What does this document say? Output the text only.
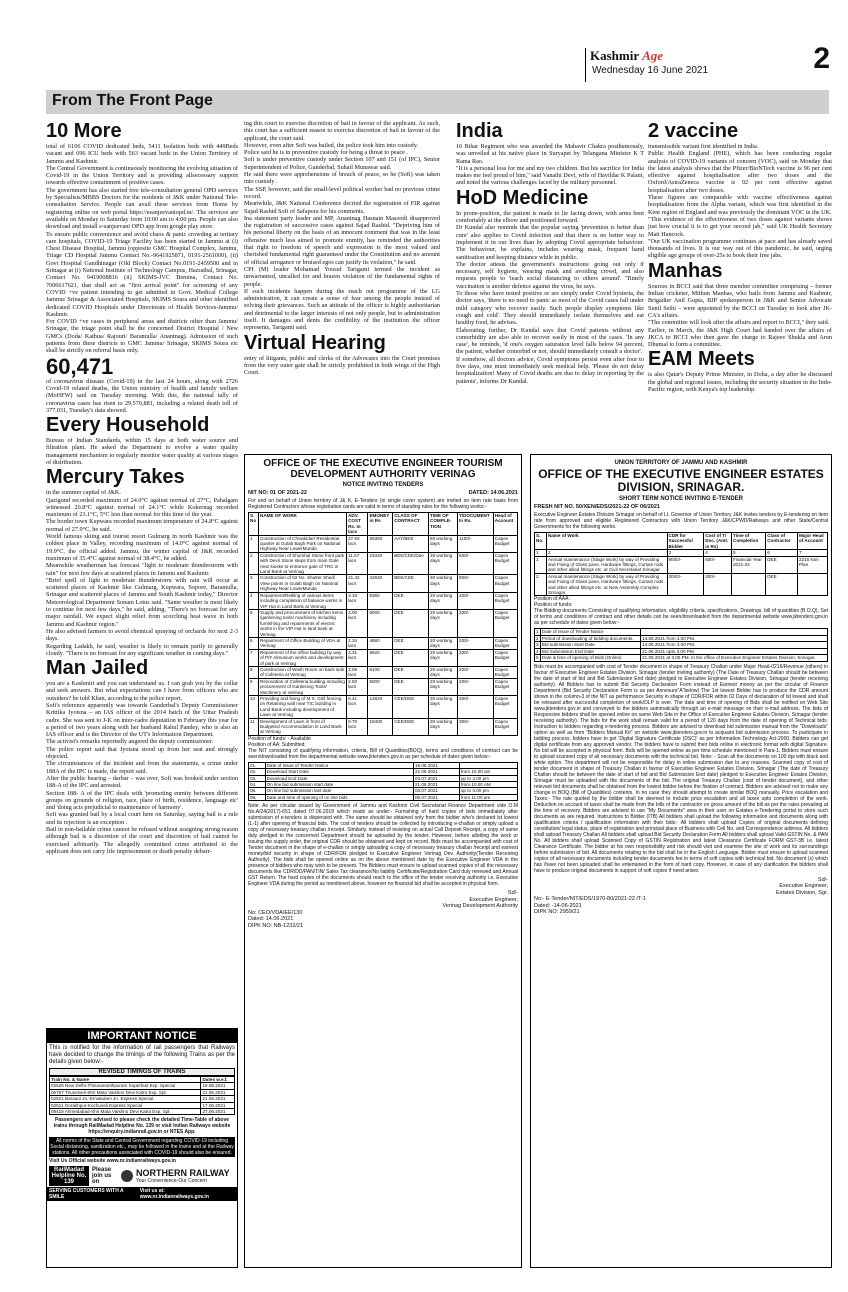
Kashmir Age
Wednesday 16 June 2021	2
From The Front Page
10 More

total of 6106 COVID dedicated beds, 5411 Isolation beds with 449Beds vacant and 696 ICU beds with 563 vacant beds in the Union Territory of Jammu and Kashmir.

The Central Government is continuously monitoring the evolving situation of Covid-19 in the Union Territory and is providing allsecessary support towards effective containment of positive cases.

The government has also started free tele-consultation general OPD services by Specialists/MBBS Doctors for the residents of J&K under National Tele-consultation Service. People can avail these services from Home by registering online on web portal https://esanjeevaniopd.in/. The services are available on Monday to Saturday from 10:00 am to 4:00 pm. People can also download and install e-sanjeevani OPD app from google play store.

To ensure public convenience and avoid chaos & panic crowding at tertiary care hospitals, COVID-19 Triage Facility has been started in Jammu at (i) Chest Disease Hospital, Jammu (opposite GMC Hospital Complex, Jammu, Triage CD Hospital Jammu Contact No.-9641925871, 0191-2561000), (ii) Govt Hospital Gandhinagar (Old Block) Contact No.0191-2459500 and in Srinagar at (i) National Institute of Technology Campus, Hazratbal, Srinagar, Contact No. 9419008816 (ii) SKIMS-JVC Bemina, Contact No. 7006617621, that shall act as "first arrival point" for screening of any COVID +ve patient intending to get admitted in Govt. Medical College Jammu/ Srinagar & Associated Hospitals, SKIMS Soura and other identified dedicated COVID Hospitals under Directorate of Health Services-Jammu/ Kashmir.

For COVID +ve cases in peripheral areas and districts other than Jammu/ Srinagar, the triage point shall be the concerned District Hospital / New GMCs (Doda/ Kathua/ Rajouri/ Baramulla/ Anantnag). Admission of such patients from these districts to GMC Jammu/ Srinagar, SKIMS Soura etc shall be strictly on referral basis only.

60,471

of coronavirus disease (Covid-19) in the last 24 hours, along with 2726 Covid-19 related deaths, the Union ministry of health and family welfare (MoHFW) said on Tuesday morning. With this, the national tally of coronavirus cases has risen to 29,570,881, including a related death toll of 377,031, Tuesday's data showed.

Every Household

Bureau of Indian Standards, within 15 days at both water source and filtration plant. He asked the Department to evolve a water quality management mechanism to regularly monitor water quality at various stages of distribution.

Mercury Takes

in the summer capital of J&K.

Qazigund recorded maximum of 24.0°C against normal of 27°C, Pahalgam witnessed 20.8°C against normal of 24.1°C while Kokernag recorded maximum of 23.1°C, 5°C less than normal for this time of the year.

The border town Kupwara recorded maximum temperature of 24.8°C against normal of 27.9°C, he said.

World famous skiing and tourist resort Gulmarg in north Kashmir was the coldest place in Valley, recording maximum of 14.0°C against normal of 19.9°C, the official added. Jammu, the winter capital of J&K recorded maximum of 35.4°C against normal of 38.4°C, he added.

Meanwhile weatherman has forecast "light to moderate thunderstorm with rain" for next few days at scattered places in Jammu and Kashmir.

"Brief spell of light to moderate thunderstorm with rain will occur at scattered places of Kashmir like Gulmarg, Kupwara, Sopore, Baramulla, Srinagar and scattered places of Jammu and South Kashmir today," Director Meteorological Department Sonam Lotus said. "Same weather is most likely to continue for next few days," he said, adding, "There's no forecast for any major rainfall. We expect slight relief from scorching heat wave in both Jammu and Kashmir region."

He also advised farmers to avoid chemical spraying of orchards for next 2-3 days.

Regarding Ladakh, he said, weather is likely to remain partly to generally cloudy. "There is no forecast for any significant weather in coming days."

Man Jailed

you are a Kashmiri and you can understand us. I can grab you by the collar and seek answers. But what expectations can I have from officers who are outsiders? he told Khan, according to the police report.

Sofi's reference apparently was towards Ganderbal's Deputy Commissioner Krittika Jyotsna – an IAS officer of the 2014 batch of the Uttar Pradesh cadre. She was sent to J-K on inter-cadre deputation in February this year for a period of two years along with her husband Rahul Pandey, who is also an IAS officer and is the Director of the UT's Information Department.

The activist's remarks reportedly angered the deputy commissioner.

The police report said that Jyotsna stood up from her seat and strongly objected.

The circumstances of the incident and from the statements, a crime under 188A of the IPC is made, the report said.

After the public hearing – darbar – was over, Sofi was booked under section 188-A of the IPC and arrested.

Section 188- A of the IPC deals with 'promoting enmity between different groups on grounds of religion, race, place of birth, residence, language etc' and 'doing acts prejudicial to maintenance of harmony'.

Sofi was granted bail by a local court here on Saturday, saying bail is a rule and its rejection is an exception .

Bail in non-bailable crime cannot be refused without assigning strong reason although bail is a discretion of the court and discretion of bail cannot be exercised arbitrarily. The allegedly committed crime attributed to the applicant does not carry life imprisonment or death penalty debarr-

ing this court to exercise discretion of bail in favour of the applicant. As such, this court has a sufficient reason to exercise discretion of bail in favour of the applicant, the court said.

However, even after Sofi was bailed, the police took him into custody.

Police said he is in preventive custody for being a threat to peace .

Sofi is under preventive custody under Section 107 and 151 (of IPC), Senior Superintendent of Police, Ganderbal, Suhail Munawar said.

He said there were apprehensions of breach of peace, so he (Sofi) was taken into custody .

The SSP, however, said the small-level political worker had no previous crime record.

Meanwhile, J&K National Conference decried the registration of FIR against Sajad Rashid Sofi of Safapora for his comments.

Ina statement party leader and MP, Anantnag Hasnain Masoodi disapproved the registration of successive cases against Sajad Rashid. "Depriving him of his personal liberty on the basis of an innocent comment that was in the least offensive much less aimed to promote enmity, has reminded the authorities that right to freedom of speech and expression is the most valued and cherished fundamental right guaranteed under the Constitution and no amount of official arrogance or bruised egos can justify its violation," he said.

CPI (M) leader Mohamad Yousuf Tarigami termed the incident as unwarranted, uncalled for and brazen violation of the fundamental rights of people.

If such incidents happen during the reach out programme of the LG administration, it can create a sense of fear among the people instead of solving their grievances. Such an attitude of the officer is highly authoritarian and detrimental to the larger interests of not only people, but to administration itself. It damages and dents the credibility of the institution the officer represents, Tarigami said.

Virtual Hearing

entry of litigants, public and clerks of the Advocates into the Court premises from the very outer gate shall be strictly prohibited in both wings of the High Court.

India

16 Bihar Regiment who was awarded the Mahavir Chakra posthumously, was unveiled at his native place in Suryapet by Telangana Minister K T Rama Rao.

"It is a personal loss for me and my two children. But his sacrifice for India makes me feel proud of him," said Vanathi Devi, wife of Havildar K Palani, and noted the various challenges faced by the military personnel.

HoD Medicine

In prone-position, the patient is made to lie facing down, with arms bent comfortably at the elbow and positioned forward.

Dr Kundal also reminds that the popular saying 'prevention is better than cure' also applies to Covid infection and that there is no better way to implement it in our lives than by adopting Covid appropriate behaviour. The behaviour, he explains, includes wearing mask, frequent hand sanitisation and keeping distance while in public.

The doctor attests the government's instructions: going out only if necessary, self hygiene, wearing mask and avoiding crowd, and also requests people to 'teach social distancing to others around'. 'Timely vaccination is another defence against the virus, he says.

To those who have tested positive or are simply under Covid hysteria, the doctor says, 'there is no need to panic as most of the Covid cases fall under mild category who recover easily. Such people display symptoms like cough and cold'. They should immediately isolate themselves and eat healthy food, he advises.

Elaborating further, Dr Kundal says that Covid patients without any comorbidity are also able to recover easily in most of the cases. 'In any case', he reminds, 'if one's oxygen saturation level falls below 94 percent, the patient, whether comorbid or not, should immediately consult a doctor'.

If somehow, all doctors advice, Covid symptoms persist even after four to five days, one must immediately seek medical help. 'Please do not delay hospitalization! Many of Covid deaths are due to delay in reporting by the patients', informs Dr Kundal.

2 vaccine

transmissible variant first identified in India.

Public Health England (PHE), which has been conducting regular analysis of COVID-19 variants of concern (VOC), said on Monday that the latest analysis shows that the Pfizer/BioNTech vaccine is 96 per cent effective against hospitalisation after two doses and the Oxford/AstraZeneca vaccine is 92 per cent effective against hospitalisation after two doses.

These figures are comparable with vaccine effectiveness against hospitalisation from the Alpha variant, which was first identified in the Kent region of England and was previously the dominant VOC in the UK.

"This evidence of the effectiveness of two doses against variants shows just how crucial it is to get your second jab," said UK Health Secretary Matt Hancock.

"Our UK vaccination programme continues at pace and has already saved thousands of lives. It is our way out of this pandemic, he said, urging eligible age groups of over-25s to book their free jabs.

Manhas

Sources in BCCI said that three member committee comprising – former Indian cricketer, Mithun Manhas, who hails from Jammu and Kashmir, Brigadier Anil Gupta, BJP spokesperson in J&K and Senior Advocate Sunil Sethi – were appointed by the BCCI on Tuesday to look after JK-CA's affairs.

"The committee will look after the affairs and report to BCCI," they said.

Earlier, in March, the J&K High Court had handed over the affairs of JKCA to BCCI who then gave the charge to Rajeev Shukla and Arun Dhumal to form a committee.

EAM Meets

is also Qatar's Deputy Prime Minister, in Doha, a day after he discussed the global and regional issues, including the security situation in the Indo-Pacific region, with Kenya's top leadership.

OFFICE OF THE EXECUTIVE ENGINEER TOURISM DEVELOPMENT AUTHORITY VERINAG
NOTICE INVITING TENDERS
NIT NO: 01 OF 2021-22	DATED: 14.06.2021
For and on behalf of Union territory of J& K, E-Tenders (in single cover system) are invited on item rate basis from Registered Contractors whose registration cards are valid in terms of standing rules for the following works:-
S. No	NAME OF WORK	ADV. COST Rs. In lacs	EMONEY in Rs	CLASS OF CONTRACT	TIME OF COMPLE-TION	T/DOCUMENT In Rs.	Head of Account
1	Construction of Chowkidar/ Residential quarter at Gulab Bagh Park on National Highway Near LowerMunda	27.63 lacs	55360	AAY/BEE	60 working days	1100/-	Capex Budget
2	Construction of Shumhal Stone front park with Devri Stone steps from main Gate near kiosks to entrance gate of TRC in Land Bank at Verinag	11.67 lacs	23340	BEE/CEE/Dee	30 working days	600/-	Capex Budget
3	Construction of 02 No. Shutter Shed/ View points in Gulab Bagh on National Highway Near LowerMunda	21.42 lacs	42840	BEE/CEE	30 working days	800/-	Capex Budget
4	Repairment/Retiling of various items including completion of balance works in VIP Hut in Land Bank at Verinag	3.18 lacs	6360	DEE	20 working days	200/-	Capex Budget
5	Supply and procurement of kitchen items /gardening tools/ machinery including furnishing and repairments of electric works in the VIP Hut in land bank at Verinag	3.00 lacs	6000	DEE	20 working days	200/-	Capex Budget
6	Repairment of Office Building of VDA at Verinag	2.34 lacs	4680	DEE	20 working days	200/-	Capex Budget
7	Repairment of the office building by way of P/F Almunium works and development of park at Verinag	3.31 lacs	6620	DEE	20 working days	200/-	Capex Budget
8	Construction of Wash Room on back side of Cafeteria at Verinag	3.05 lacs	6100	DEE	30 working days	200/-	Capex Budget
9	Renovation of Cafeteria building including procurement of Gardening Tools/ Machinery at Verinag	2.50 lacs	5000	DEE	20 working days	200/-	Capex Budget
10	Providing and fixing of M.S. Grill fencing on Retaining wall near TIC building in Land Bank including development of Lawn at Verinag	6.41 lacs	12820	CEE/DEE	30 working days	300/-	Capex Budget
11	Development of Lawn in front of Budgeted Accommodation in Land Bank at Verinag	9.70 lacs	19400	CEE/DEE	30 working days	300/-	Capex Budget
Position of funds: - Available
Position of AA: Submitted.
The NIT consisting of qualifying information, criteria, Bill of Quantities(BOQ), terms and conditions of contract can be seen/downloaded from the departmental website www.jktenders.gov.in as per schedule of dates given below:-
01.	Date of Issue of Tender Notice	19.06.2021	
02.	Download Start Date	22.06.2021	from 10.00 am
03.	Download End Date	03.07.2021	up to 4.00 pm
04.	On line bid submission start date	21.06.2021	from 10.00 AM
05.	On line bid submission last date	03.07.2021	up to 4.00 pm
06.	Date and time of opening of on line bids	05.07.2021	from 11.00 am
Note: As per circular issued by Government of Jammu and Kashmir Civil Secretariat Finance Department vide O.M No.A/24(2017)-651 dated 07.06.2018 which reads as under:- Furnishing of hard copies of bids immediately after submission of e-tenders is dispensed with. The same should be obtained only from the bidder who's declared lst lowest (L-1) after opening of financial bids. The cost of tenders should be collected by introducing e-challan or simply upload a copy of necessary treasury challan /receipt. Similarly, instead of insisting on actual Call Deposit Receipt, a copy of same duly pledged to the concerned Department should be uploaded by the tender. However, before allotting the work or issuing the supply order, the original CDR should be obtained and kept on record. Bids must be accompanied with cost of Tender document in the shape of e-challan or simply uploading a copy of necessary treasury challan /receipt and earnest money/bid security in shape of CDR/FDR pledged to Executive Engineer Verinag Dev. Authority(Tender Receiving Authority). The bids shall be opened online as on the above mentioned date by the Executive Engineer VDA in the presence of bidders who may wish to be present. The Bidders must ensure to upload scanned copies of all the necessary documents like CDR/DD/PAN/TIN/ Sales Tax clearance/No liability Certificate/Registration Card duly renewed and Annual GST Return. The hard copies of the documents should reach to the office of the tender receiving authority i.e. Executive Engineer VDA during the period as mentioned above, however no financial bid shall be accepted in physical form.
Sd/-
Executive Engineer,
Verinag Development Authority
No: CEO/VDA/EE/130
Dated: 14.06.2021
DIPK NO: NB-1232/21
UNION TERRITORY OF JAMMU AND KASHMIR
OFFICE OF THE EXECUTIVE ENGINEER ESTATES DIVISION, SRINAGAR.
SHORT TERM NOTICE INVITING E-TENDER
FRESH NIT NO. 50/XEN/EDS/2021-22 OF 06/2021
Executive Engineer Estates Division Srinagar on behalf of Lt. Governor of Union Territory J&K invites tenders by E-tendering on item rate from approved and eligible Registered Contractors with Union Territory J&K/CPWD/Railways and other State/Central Governments for the following works.
S. No.	Name of Work	CDR for Successful Bidder	Cost of T/ Doc. (Amt. in Rs)	Time of Completion	Class of Contractor	Major Head of Account
1	2	3	4	5	6	7
1	Annual maintenance (Stage Work) by way of Providing and Fixing of Glass pane, Hardware fittings, Curtain rods and other allied fittings etc. at Civil Secretariat Srinagar.	9000/-	600/-	Financial Year 2021-22	DEE	2216 Non Plan
2	Annual maintenance (Stage Work) by way of Providing and Fixing of Glass pane, Hardware fittings, Curtain rods and other allied fittings etc. at New Assembly Complex Srinagar.	3000/-	300/-		DEE	
Position of AAA:
Position of funds:
The Bidding documents Consisting of qualifying information, eligibility criteria, specifications, Drawings, bill of quantities (B.O.Q), Set of terms and conditions of contract and other details can be seen/downloaded from the departmental website www.jktenders.gov.in as per schedule of dates given below:-
1	Date of Issue of Tender Notice	
2	Period of downloading of bidding documents.	14.06.2021 from 3.00 PM.
3	Bid submission Start Date	14.06.2021 from 3.00 PM.
4	Bid Submission End Date	21.06.2021 upto 3.00 PM.
5	Date & time of opening of Bids (Online)	21.06.2021 at 3.05 PM. In the office of Executive Engineer Estates Division, Srinagar.
Bids must be accompanied with cost of Tender document in shape of Treasury Challan under Major Head-0216/Revenue (others) in favour of Executive Engineer Estates Division, Srinagar (tender inviting authority) (The Date of Treasury Challan should be between the date of start of bid and Bid Submission End date) pledged to Executive Engineer Estates Division, Srinagar (tender receiving authority). All Bidders has to submit Bid Security Declaration Form instead of Earnest money as per the circular of Finance Department (Bid Security Declaration Form is as per Annexure"A"below) The 1st lowest Bidder has to produce the CDR amount shown in the column-3 of the NIT as performance Security in shape of CDR/FDR within 02 Days of declaration of lst lowest and shall be released after successful completion of work/DLP is over. The date and time of opening of Bids shall be notified on Web Site www.jktenders.gov.in and conveyed to the bidders automatically through an e-mail message on their e-mail address. The bids of Responsive bidders shall be opened online on same Web Site in the Office of Executive Engineer Estates Division, Srinagar (tender receiving authority). The bids for the work shall remain valid for a period of 120 days from the date of opening of Technical bids. Instruction to bidders regarding e-tendering process. Bidders are advised to download bid submission manual from the "Downloads" option as well as from "Bidders Manual Kit" on website www.jktenders.gov.in to acquaint bid submission process. To participate in bidding process, bidders have to get 'Digital Signature Certificate (DSC)' as per Information Technology Act-2000. Bidders can get digital certificate from any approved vendor. The bidders have to submit their bids online in electronic format with digital Signature. No bid will be accepted in physical form. Bids will be opened online as per time schedule mentioned in Para-1. Bidders must ensure to upload scanned copy of all necessary documents with the technical bid. Note: - Scan all the documents on 100 dpi with black and white option. The department will not be responsible for delay in online submission due to any reasons. Scanned copy of cost of tender document in shape of Treasury Challan in favour of Executive Engineer Estates Division, Srinagar (The date of Treasury Challan should be between the date of start of bid and Bid Submission End date) pledged to Executive Engineer Estates Division, Srinagar must be uploaded with the documents of the bid. The original Treasury Challan (cost of tender document), and other relevant bid documents shall be obtained from the lowest bidder before the fixation of contract. Bidders are advised not to make any change in BOQ (Bill of Quantities) contents. In no case they should attempt to create similar BOQ manually. Price escalation and Taxes:- The rate quoted by the bidder shall be deemed to include price escalation and all taxes upto completion of the work. Deduction on account of taxes shall be made from the bills of the contractor on gross amount of the bill as per the rates prevailing at the time of recovery. Bidders are advised to use "My Documents" area in their user on Estates e-Tendering portal to store such documents as are required. Instructions to Bidder (ITB) All bidders shall upload the following information and documents along with qualification criteria / qualification information with their bids:- All bidders shall upload Copies of original documents defining constitution/ legal status, place of registration and principal place of Business with Cell No. and Correspondence address. All bidders shall upload Treasury Challan All bidders shall upload Bid Security Declaration Form All bidders shall upload Valid GSTIN No. & PAN No. All bidders shall upload Scanned Copy of GSTIN Registration and latest Clearance Certificate FORM GST-3B i.e. latest Clearance Certificate. The bidder at his own responsibility and risk should visit and examine the site of work and its surroundings before submission of bid. All documents relating to the bid shall be in the English Language. Bidder must ensure to upload scanned copies of all necessary documents including tender documents fee in terms of soft copies with technical bid. No document (s) which has /have not been uploaded shall be entertained in the form of hard copy. However, in case of any clarification the bidders shall have to produce original documents in support of soft copies if need arises
Sd/-
Executive Engineer,
Estates Division, Sgr.
No:- E-Tender/NIT/EDS/1970-80/2021-22 /T-1
Dated: -14-06-2021
DIPK NO: 2959/21
IMPORTANT NOTICE
This is notified for the information of rail passengers that Railways have decided to change the timings of the following Trains as per the details given below:-
REVISED TIMINGS OF TRAINS
Train No. & Name	Dates w.e.f.
02626 New Delhi-Thiruvananthpuram Superfast Exp. Special	16.06.2021
06787 Tirunelveli-Shri Mata Vaishno Devi Katra Exp. Spl.	21.06.2021
02521 Barauni Jn.-Ernakulam Jn. Express Special	21.06.2021
02511 Gorakhpur-Kochuveli Express Special	17.06.2021
09415 Ahmedabad-Shri Mata Vaishno Devi Katra Exp. Spl.	27.06.2021
Passengers are advised to please check the detailed Time-Table of above trains through RailMadad Helpline No. 139 or visit Indian Railways website https://enquiry.indianrail.gov.in or NTES App.
All norms of the State and Central Government regarding COVID-19 including Social distancing, sanitization etc., may be followed in the trains and at the Railway stations. All other precautions associated with COVID-19 should also be ensured.
Visit Us Official website www.nr.indianrailways.gov.in
RailMadad Helpline No. 139
Please join us on
NORTHERN RAILWAY
Your Convenience-Our Concern
SERVING CUSTOMERS WITH A SMILE
Visit us at: www.nr.indianrailways.gov.in
